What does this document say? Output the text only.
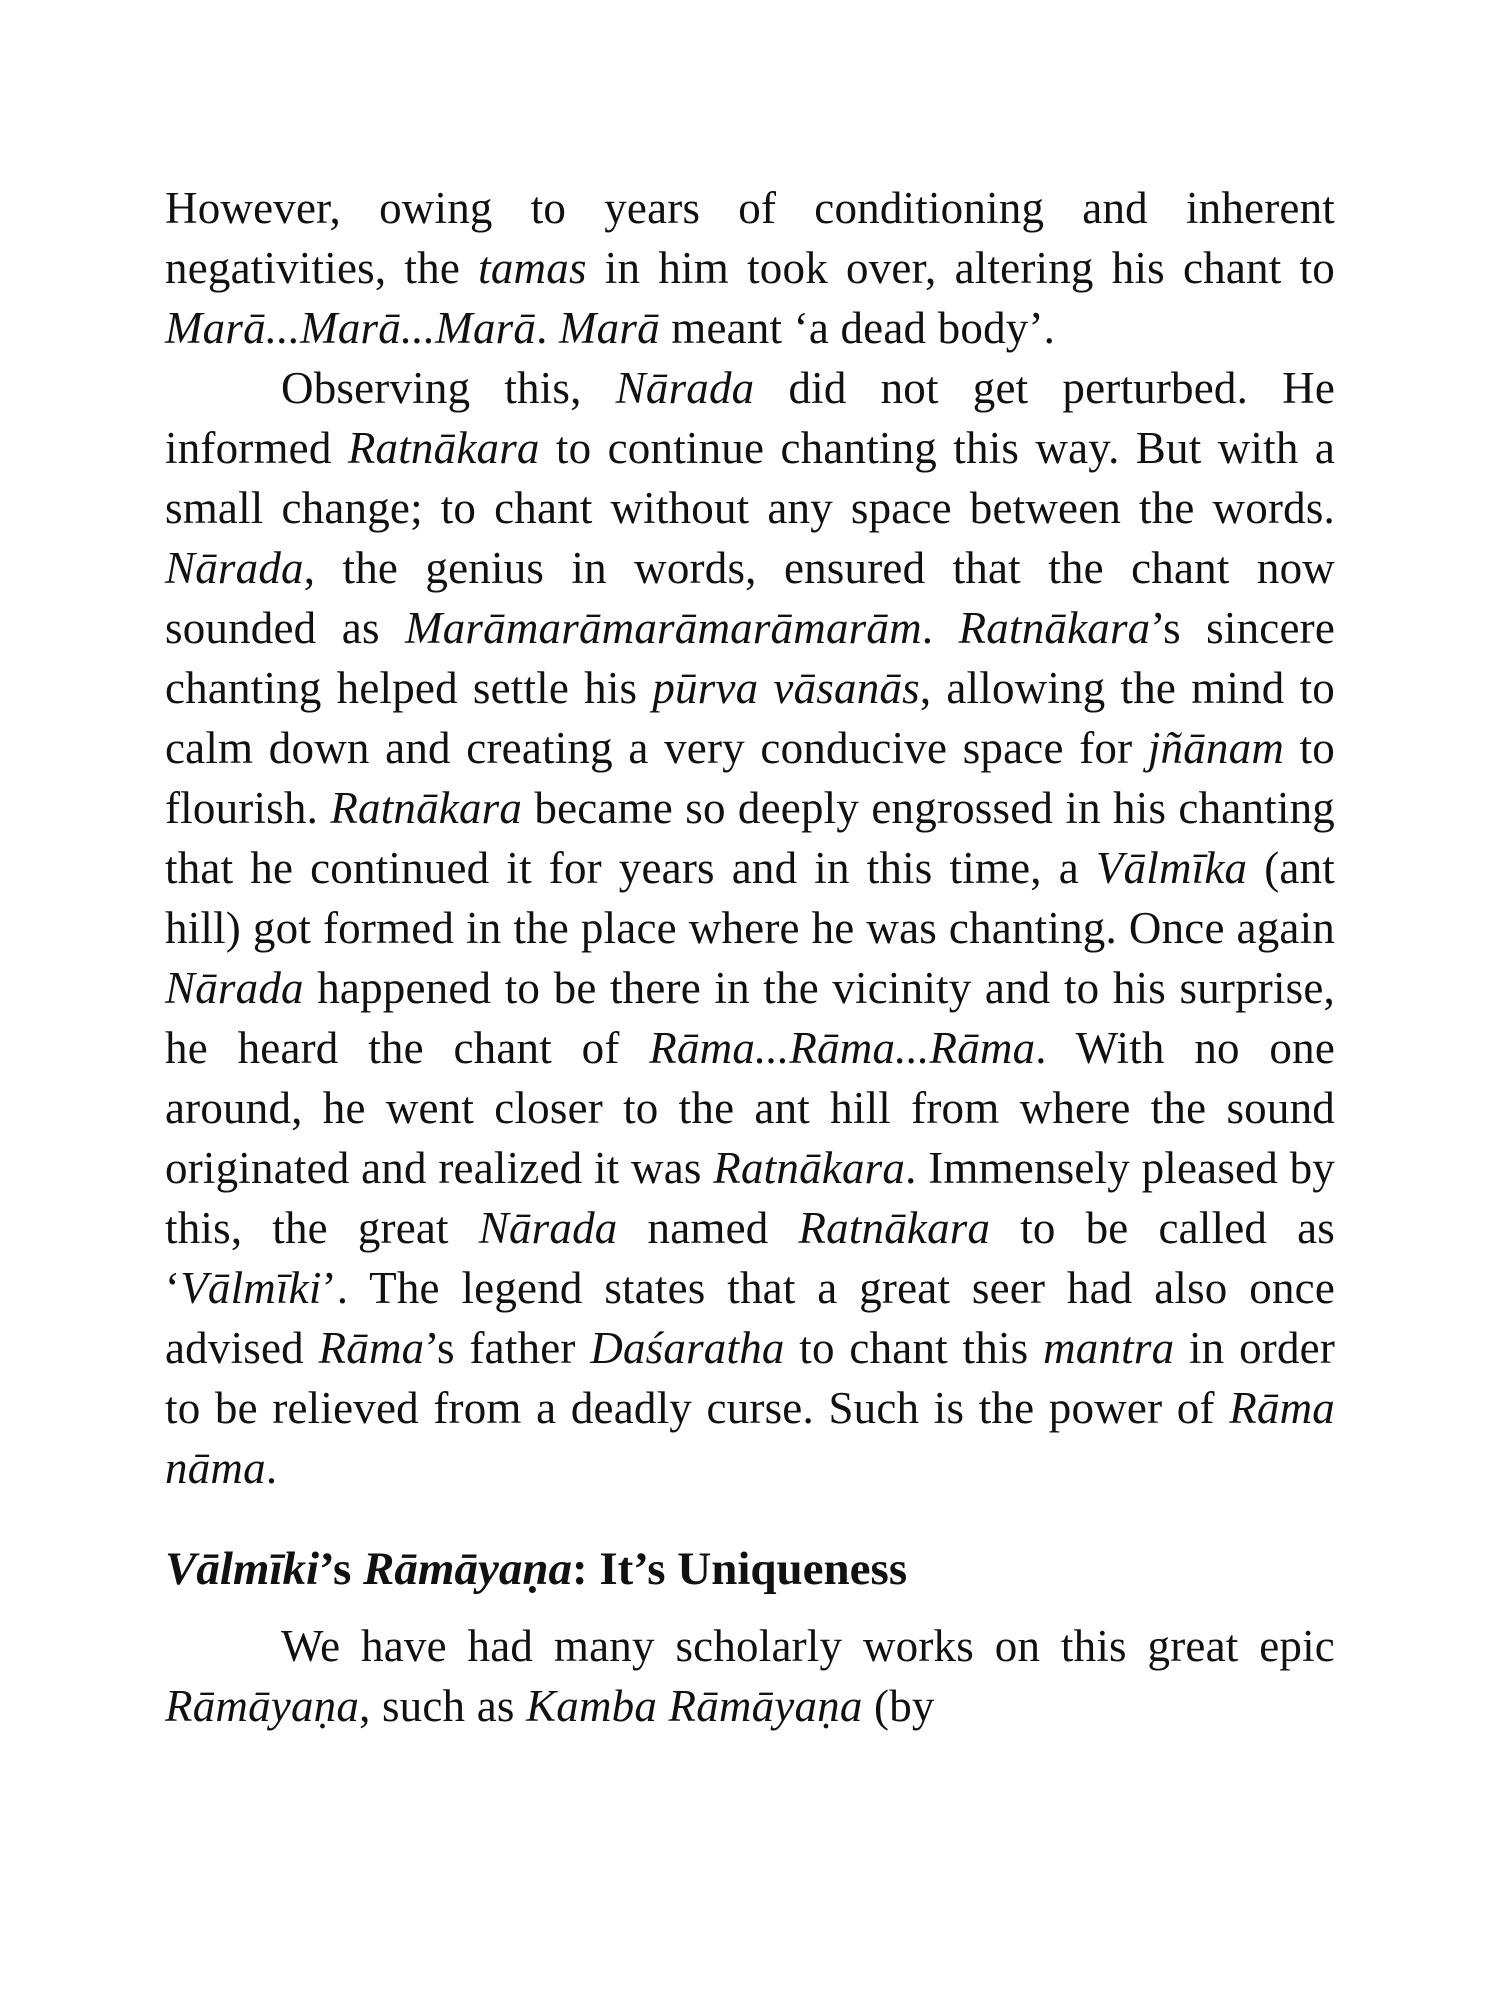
However, owing to years of conditioning and inherent negativities, the tamas in him took over, altering his chant to Marā...Marā...Marā. Marā meant ‘a dead body’.

Observing this, Nārada did not get perturbed. He informed Ratnākara to continue chanting this way. But with a small change; to chant without any space between the words. Nārada, the genius in words, ensured that the chant now sounded as Marāmarāmarāmarāmarām. Ratnākara’s sincere chanting helped settle his pūrva vāsanās, allowing the mind to calm down and creating a very conducive space for jñānam to flourish. Ratnākara became so deeply engrossed in his chanting that he continued it for years and in this time, a Vālmīka (ant hill) got formed in the place where he was chanting. Once again Nārada happened to be there in the vicinity and to his surprise, he heard the chant of Rāma...Rāma...Rāma. With no one around, he went closer to the ant hill from where the sound originated and realized it was Ratnākara. Immensely pleased by this, the great Nārada named Ratnākara to be called as ‘Vālmīki’. The legend states that a great seer had also once advised Rāma’s father Daśaratha to chant this mantra in order to be relieved from a deadly curse. Such is the power of Rāma nāma.

Vālmīki’s Rāmāyaṇa: It’s Uniqueness

We have had many scholarly works on this great epic Rāmāyaṇa, such as Kamba Rāmāyaṇa (by
